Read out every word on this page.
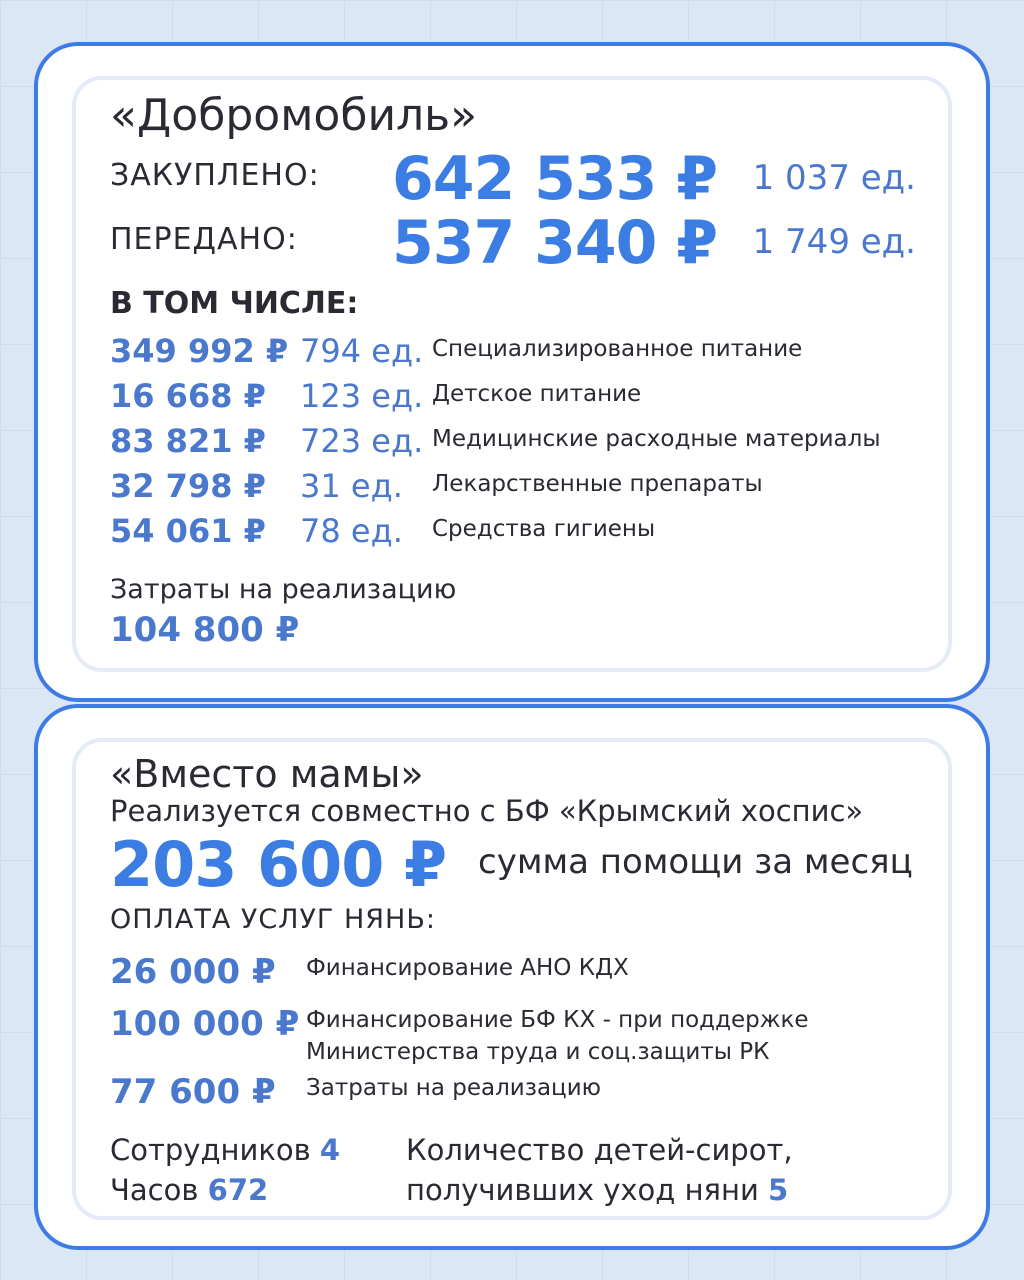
«Добромобиль»
ЗАКУПЛЕНО: 642 533 ₽ 1 037 ед.
ПЕРЕДАНО: 537 340 ₽ 1 749 ед.
В ТОМ ЧИСЛЕ:
349 992 ₽ 794 ед. Специализированное питание
16 668 ₽ 123 ед. Детское питание
83 821 ₽ 723 ед. Медицинские расходные материалы
32 798 ₽ 31 ед. Лекарственные препараты
54 061 ₽ 78 ед. Средства гигиены
Затраты на реализацию
104 800 ₽
«Вместо мамы»
Реализуется совместно с БФ «Крымский хоспис»
203 600 ₽ сумма помощи за месяц
ОПЛАТА УСЛУГ НЯНЬ:
26 000 ₽ Финансирование АНО КДХ
100 000 ₽ Финансирование БФ КХ - при поддержке
Министерства труда и соц.защиты РК
77 600 ₽ Затраты на реализацию
Сотрудников 4
Часов 672
Количество детей-сирот,
получивших уход няни 5
